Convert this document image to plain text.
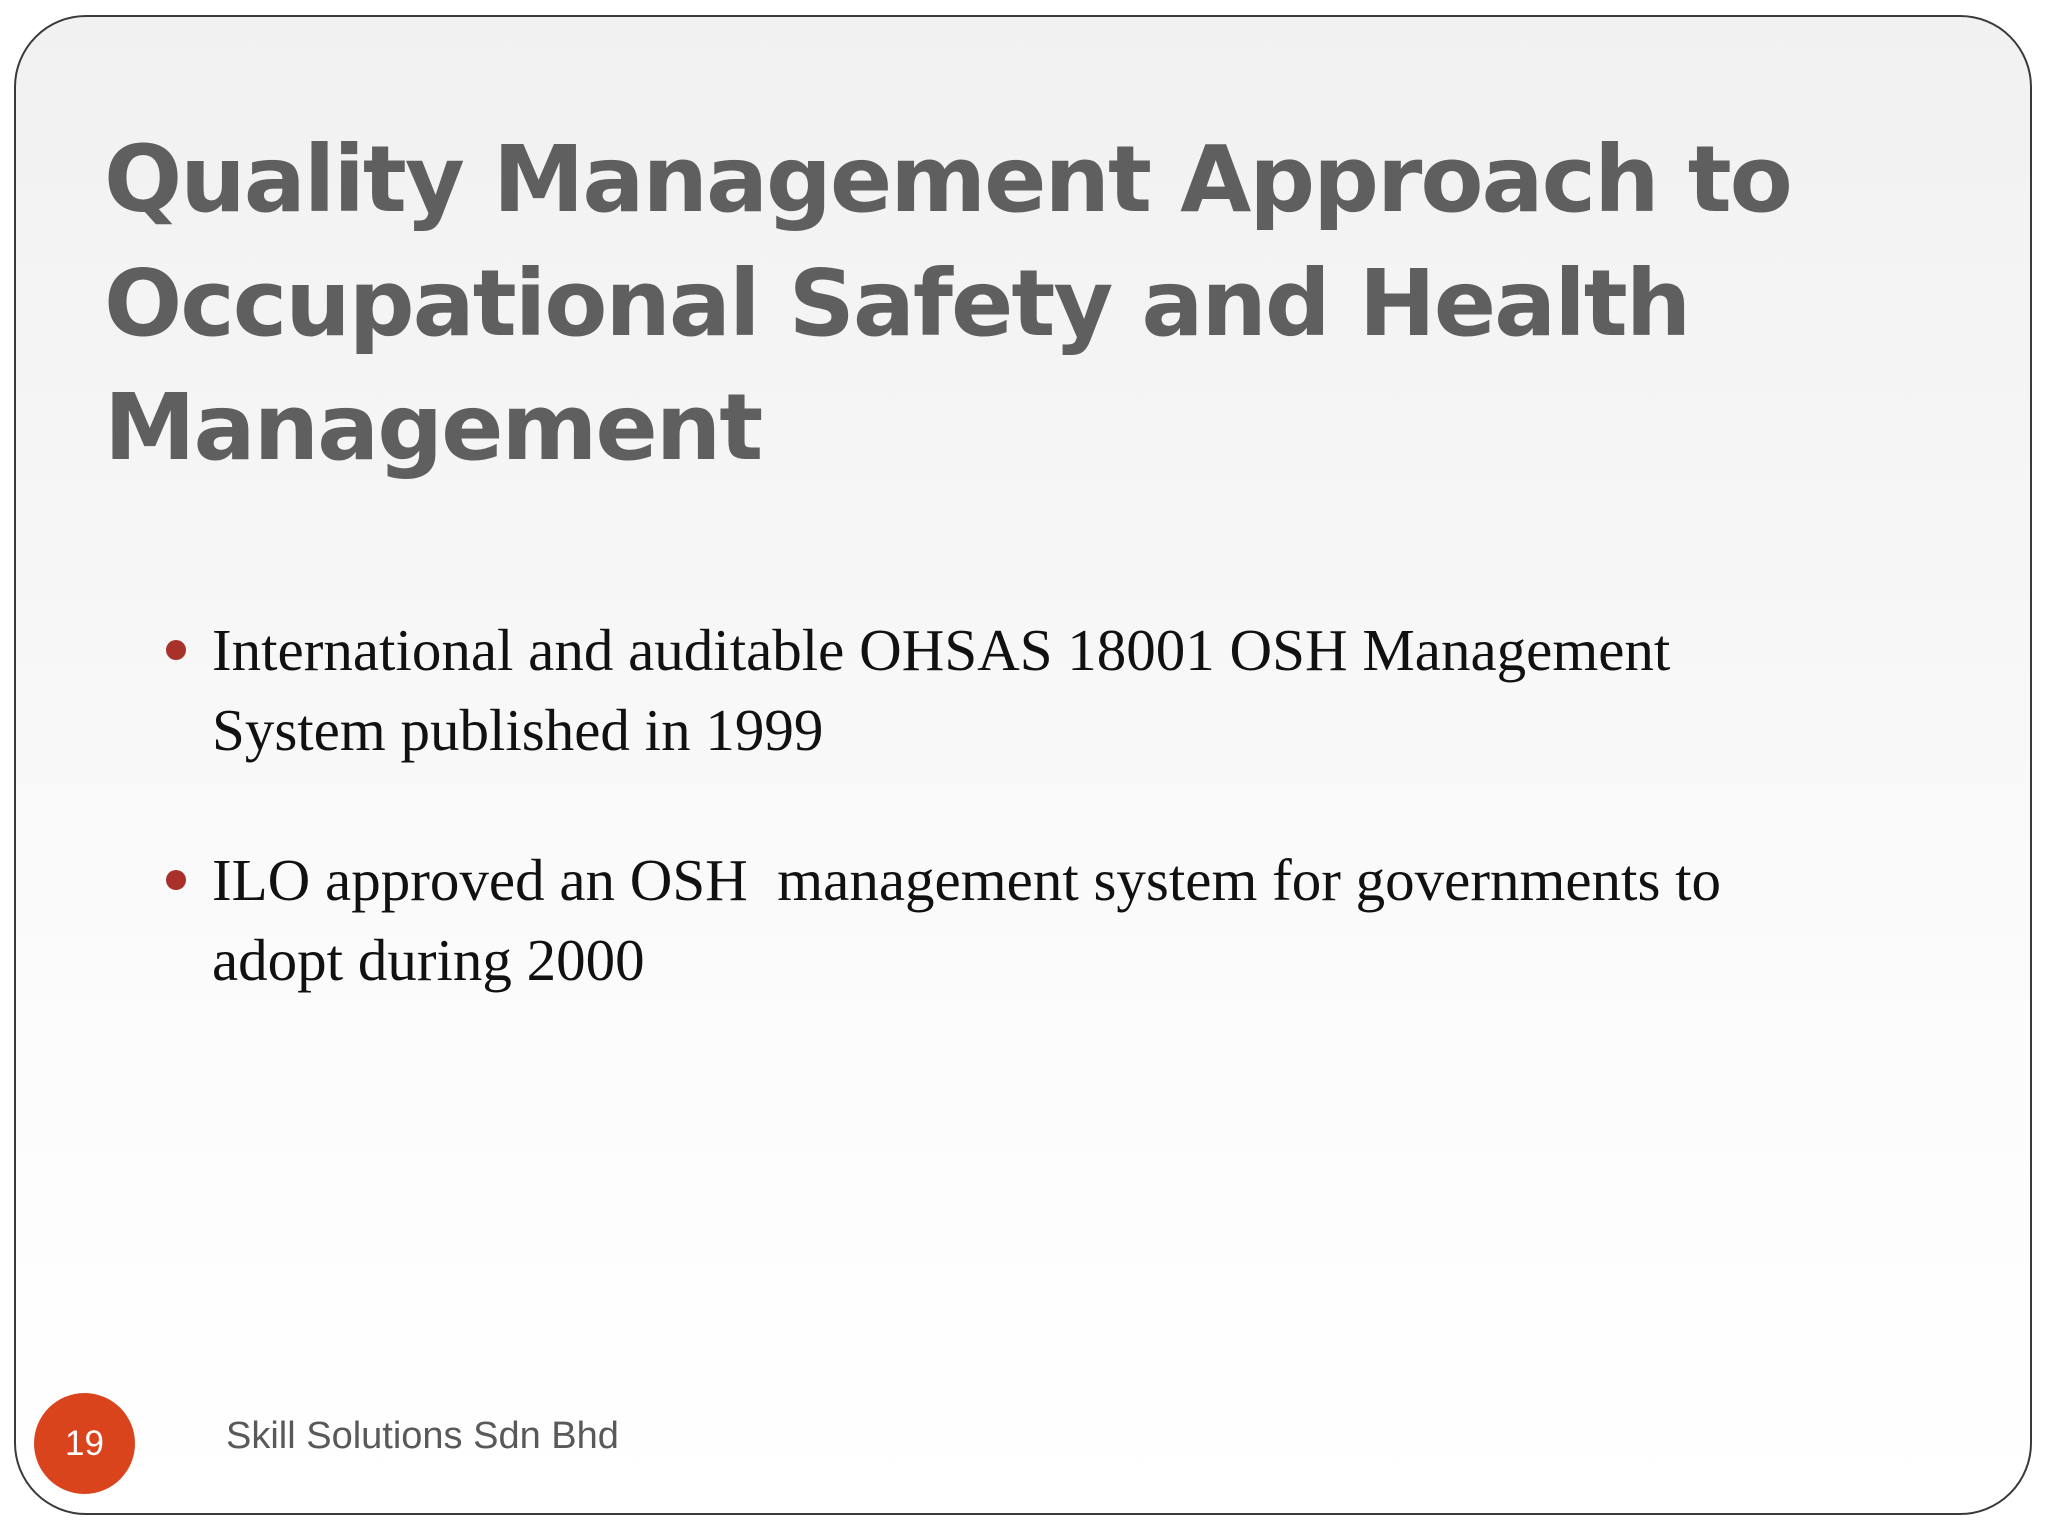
Quality Management Approach to
Occupational Safety and Health
Management
International and auditable OHSAS 18001 OSH Management
System published in 1999
ILO approved an OSH  management system for governments to
adopt during 2000
19	Skill Solutions Sdn Bhd
